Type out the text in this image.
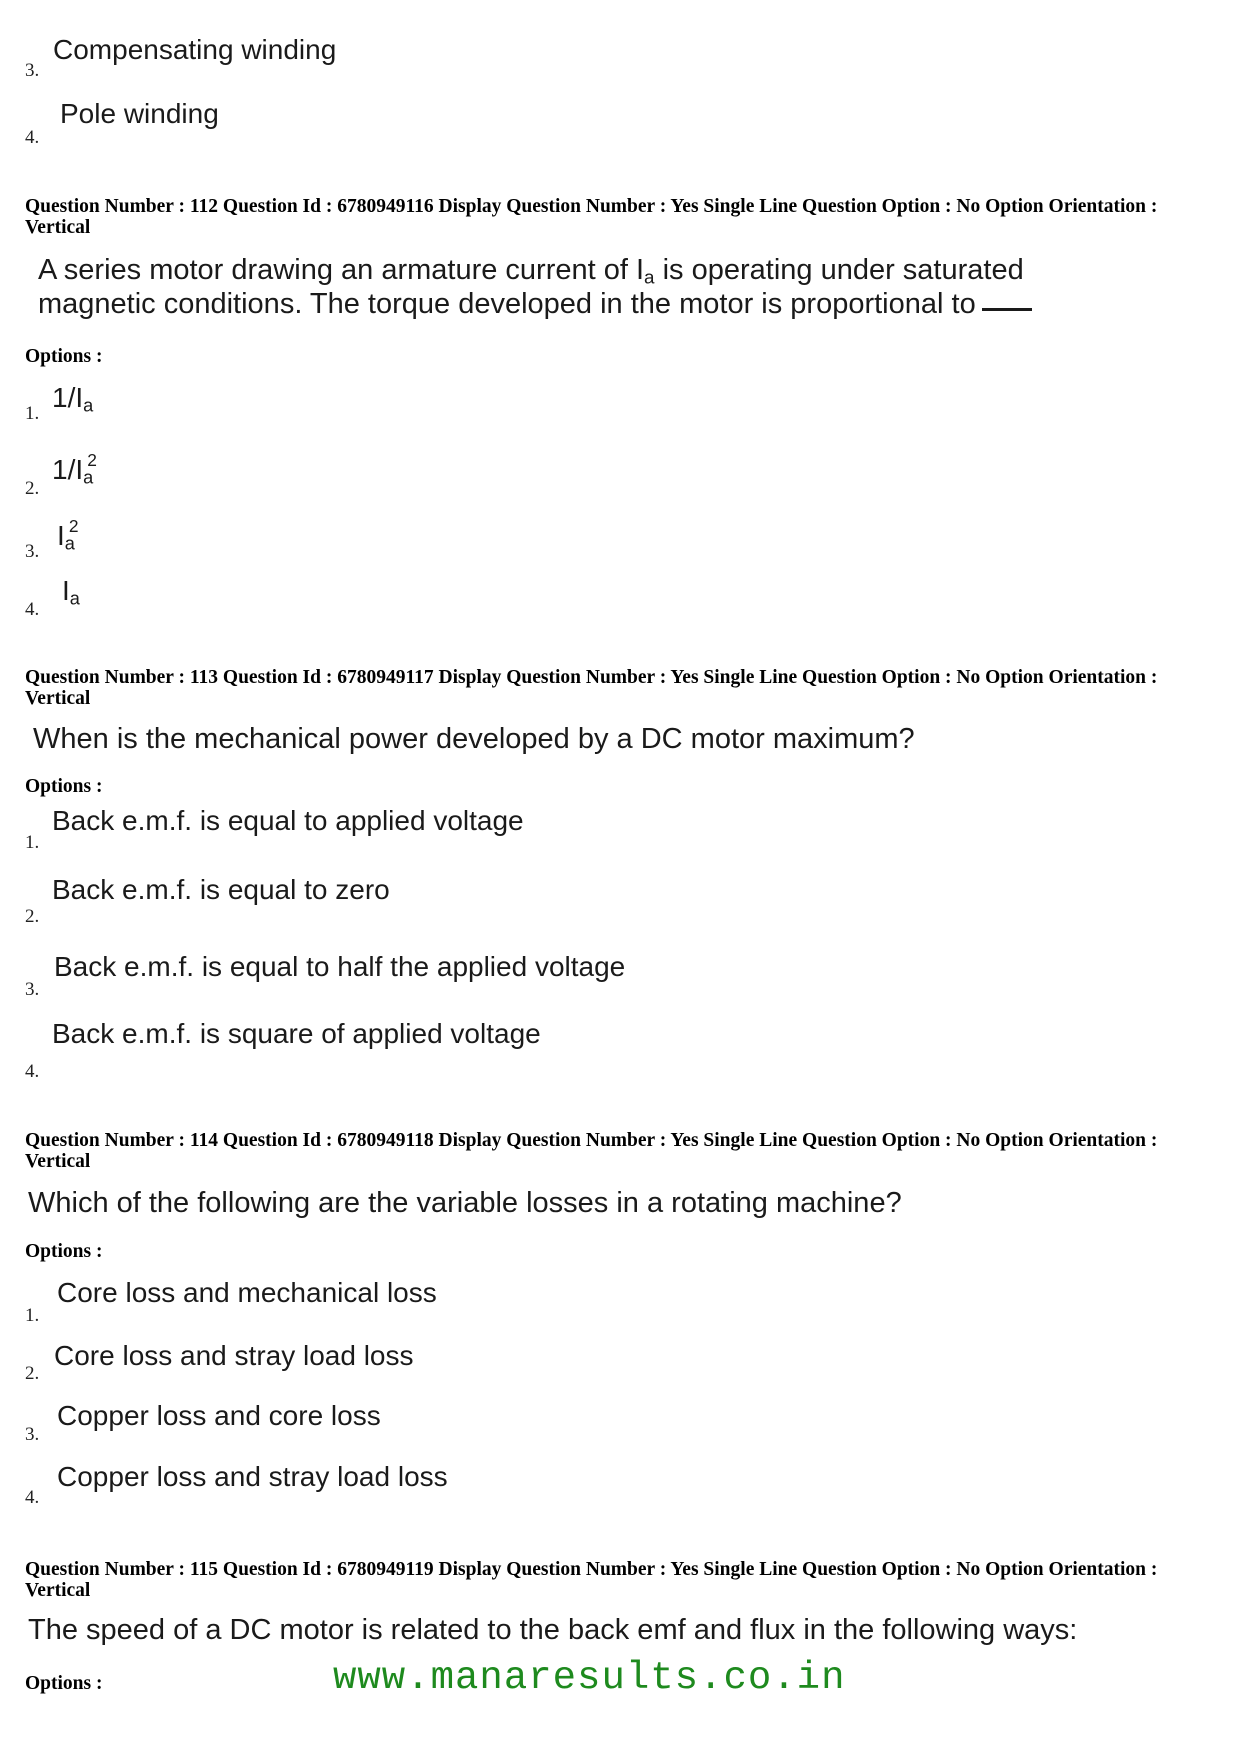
3.
Compensating winding
4.
Pole winding
Question Number : 112 Question Id : 6780949116 Display Question Number : Yes Single Line Question Option : No Option Orientation : Vertical
A series motor drawing an armature current of $I_a$ is operating under saturated
magnetic conditions. The torque developed in the motor is proportional to
Options :
1.
$1/I_a$
2.
$1/I_a^2$
3.
$I_a^2$
4.
$I_a$
Question Number : 113 Question Id : 6780949117 Display Question Number : Yes Single Line Question Option : No Option Orientation : Vertical
When is the mechanical power developed by a DC motor maximum?
Options :
1.
Back e.m.f. is equal to applied voltage
2.
Back e.m.f. is equal to zero
3.
Back e.m.f. is equal to half the applied voltage
4.
Back e.m.f. is square of applied voltage
Question Number : 114 Question Id : 6780949118 Display Question Number : Yes Single Line Question Option : No Option Orientation : Vertical
Which of the following are the variable losses in a rotating machine?
Options :
1.
Core loss and mechanical loss
2.
Core loss and stray load loss
3.
Copper loss and core loss
4.
Copper loss and stray load loss
Question Number : 115 Question Id : 6780949119 Display Question Number : Yes Single Line Question Option : No Option Orientation : Vertical
The speed of a DC motor is related to the back emf and flux in the following ways:
Options :	www.manaresults.co.in
